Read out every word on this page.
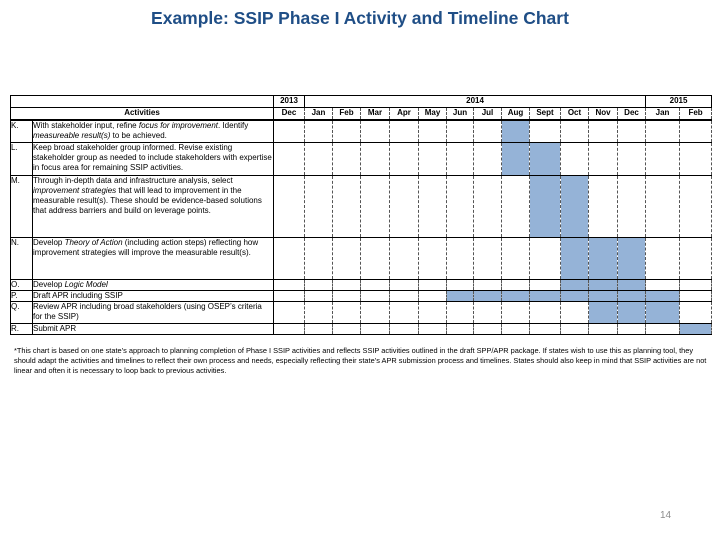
Example: SSIP Phase I Activity and Timeline Chart
		2013	2014												2015	
Activities		Dec	Jan	Feb	Mar	Apr	May	Jun	Jul	Aug	Sept	Oct	Nov	Dec	Jan	Feb
K.	With stakeholder input, refine focus for improvement. Identify measureable result(s) to be achieved.															
L.	Keep broad stakeholder group informed. Revise existing stakeholder group as needed to include stakeholders with expertise in focus area for remaining SSIP activities.															
M.	Through in-depth data and infrastructure analysis, select improvement strategies that will lead to improvement in the measurable result(s). These should be evidence-based solutions that address barriers and build on leverage points.															
N.	Develop Theory of Action (including action steps) reflecting how improvement strategies will improve the measurable result(s).															
O.	Develop Logic Model															
P.	Draft APR including SSIP															
Q.	Review APR including broad stakeholders (using OSEP’s criteria for the SSIP)															
R.	Submit APR															
*This chart is based on one state’s approach to planning completion of Phase I SSIP activities and reflects SSIP activities outlined in the draft SPP/APR package. If states wish to use this as planning tool, they should adapt the activities and timelines to reflect their own process and needs, especially reflecting their state’s APR submission process and timelines. States should also keep in mind that SSIP activities are not linear and often it is necessary to loop back to previous activities.
14
